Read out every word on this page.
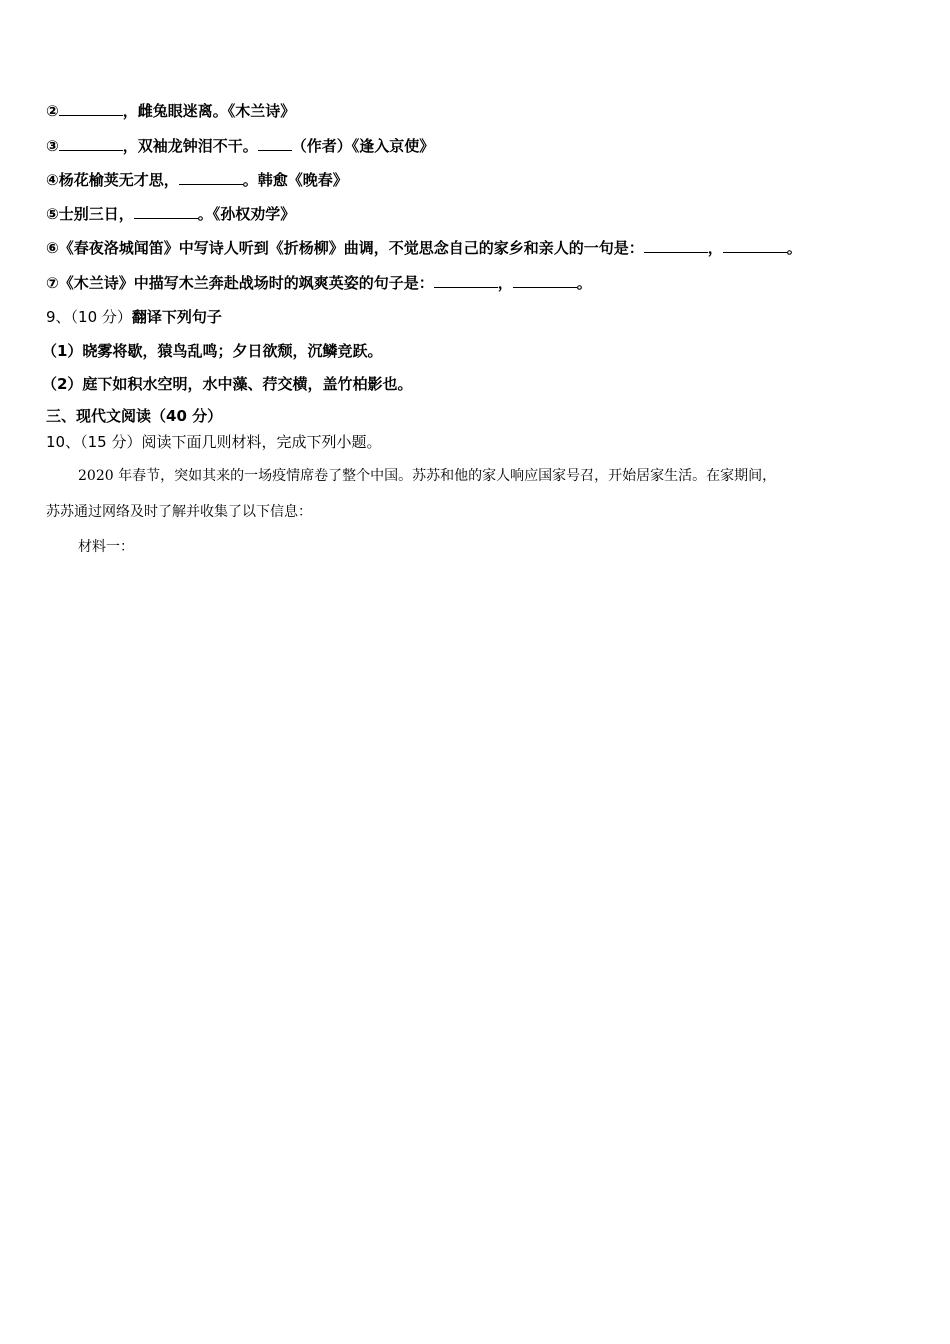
②	，雌兔眼迷离。《木兰诗》
③	，双袖龙钟泪不干。 （作者）《逢入京使》
④杨花榆荚无才思，	。韩愈《晚春》
⑤士别三日，	。《孙权劝学》
⑥《春夜洛城闻笛》中写诗人听到《折杨柳》曲调，不觉思念自己的家乡和亲人的一句是：	，	。
⑦《木兰诗》中描写木兰奔赴战场时的飒爽英姿的句子是：	，	。
9、（10 分）翻译下列句子
（1）晓雾将歇，猿鸟乱鸣；夕日欲颓，沉鳞竞跃。
（2）庭下如积水空明，水中藻、荇交横，盖竹柏影也。
三、现代文阅读（40 分）
10、（15 分）阅读下面几则材料，完成下列小题。
2020 年春节，突如其来的一场疫情席卷了整个中国。苏苏和他的家人响应国家号召，开始居家生活。在家期间，
苏苏通过网络及时了解并收集了以下信息：
材料一：
